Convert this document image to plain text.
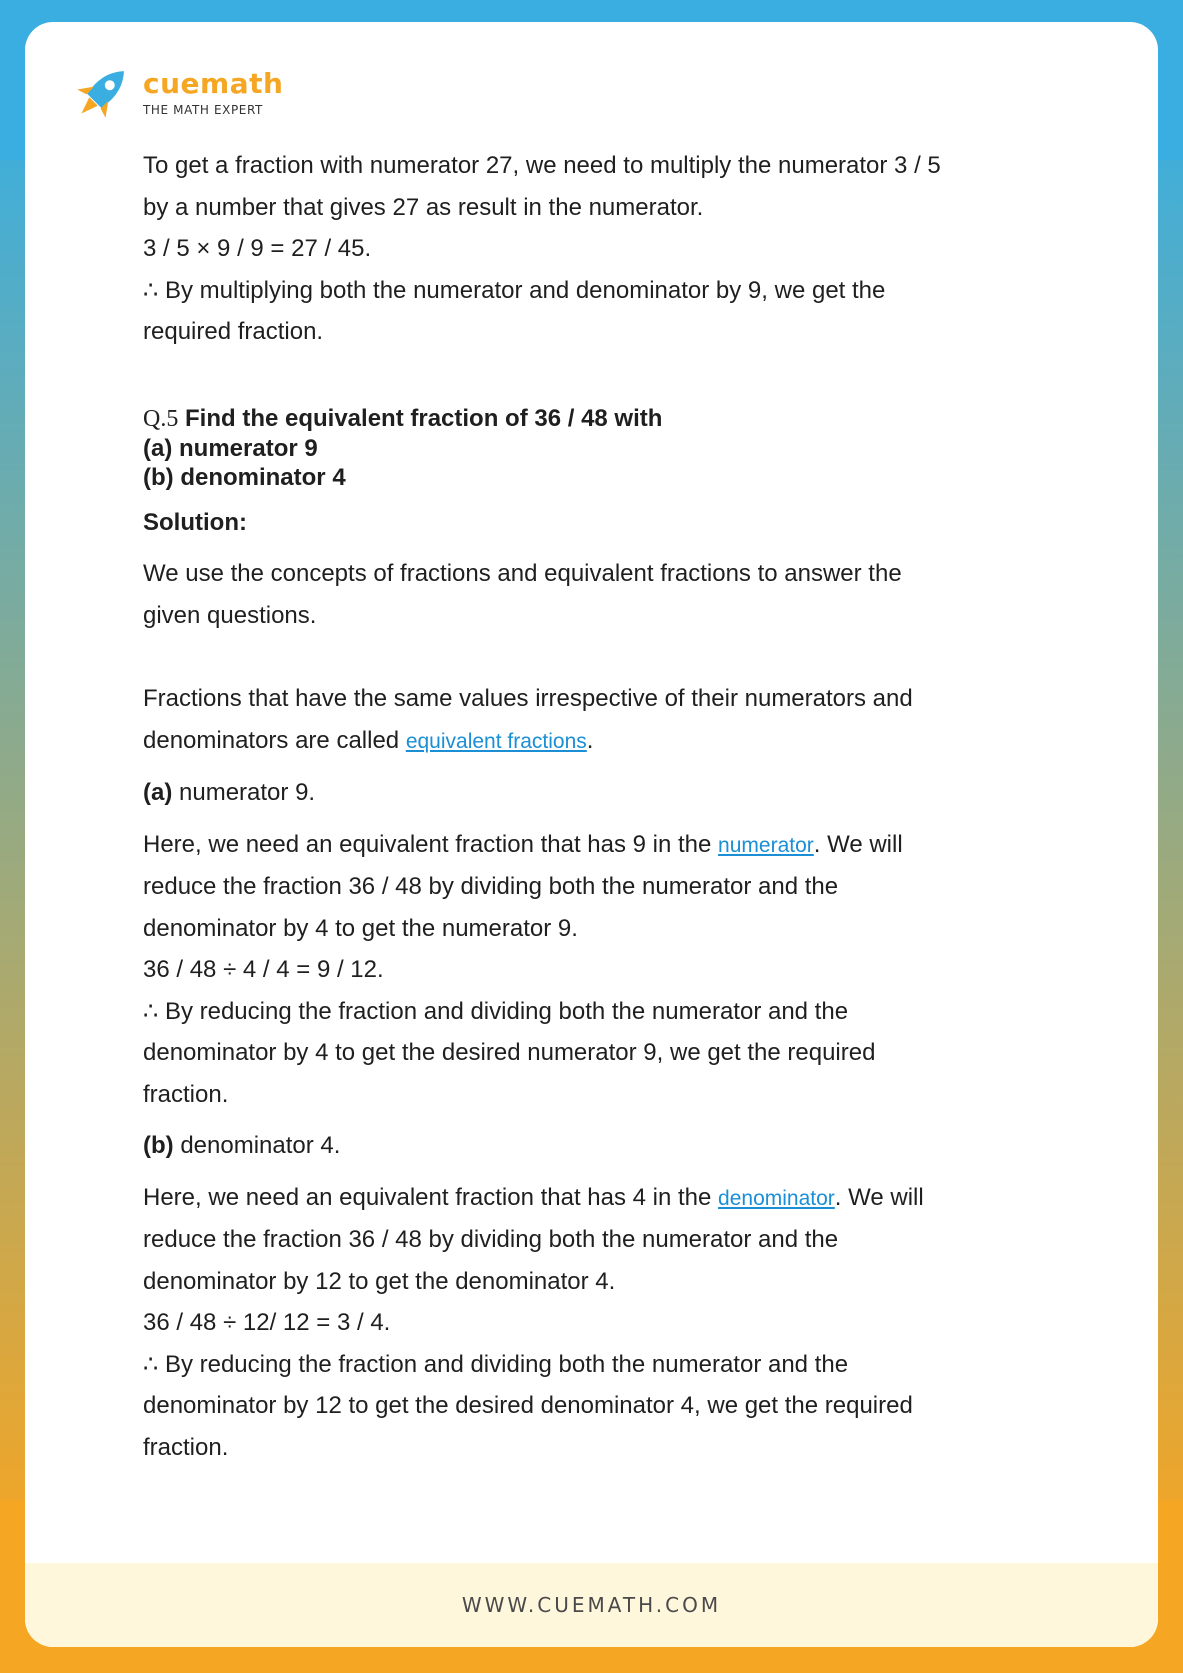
cuemath
THE MATH EXPERT

To get a fraction with numerator 27, we need to multiply the numerator 3 / 5

by a number that gives 27 as result in the numerator.

3 / 5 × 9 / 9 = 27 / 45.

∴ By multiplying both the numerator and denominator by 9, we get the

required fraction.

Q.5 Find the equivalent fraction of 36 / 48 with
(a) numerator 9
(b) denominator 4

Solution:

We use the concepts of fractions and equivalent fractions to answer the

given questions.

Fractions that have the same values irrespective of their numerators and

denominators are called equivalent fractions.

(a) numerator 9.

Here, we need an equivalent fraction that has 9 in the numerator. We will

reduce the fraction 36 / 48 by dividing both the numerator and the

denominator by 4 to get the numerator 9.

36 / 48 ÷ 4 / 4 = 9 / 12.

∴ By reducing the fraction and dividing both the numerator and the

denominator by 4 to get the desired numerator 9, we get the required

fraction.

(b) denominator 4.

Here, we need an equivalent fraction that has 4 in the denominator. We will

reduce the fraction 36 / 48 by dividing both the numerator and the

denominator by 12 to get the denominator 4.

36 / 48 ÷ 12/ 12 = 3 / 4.

∴ By reducing the fraction and dividing both the numerator and the

denominator by 12 to get the desired denominator 4, we get the required

fraction.

WWW.CUEMATH.COM
